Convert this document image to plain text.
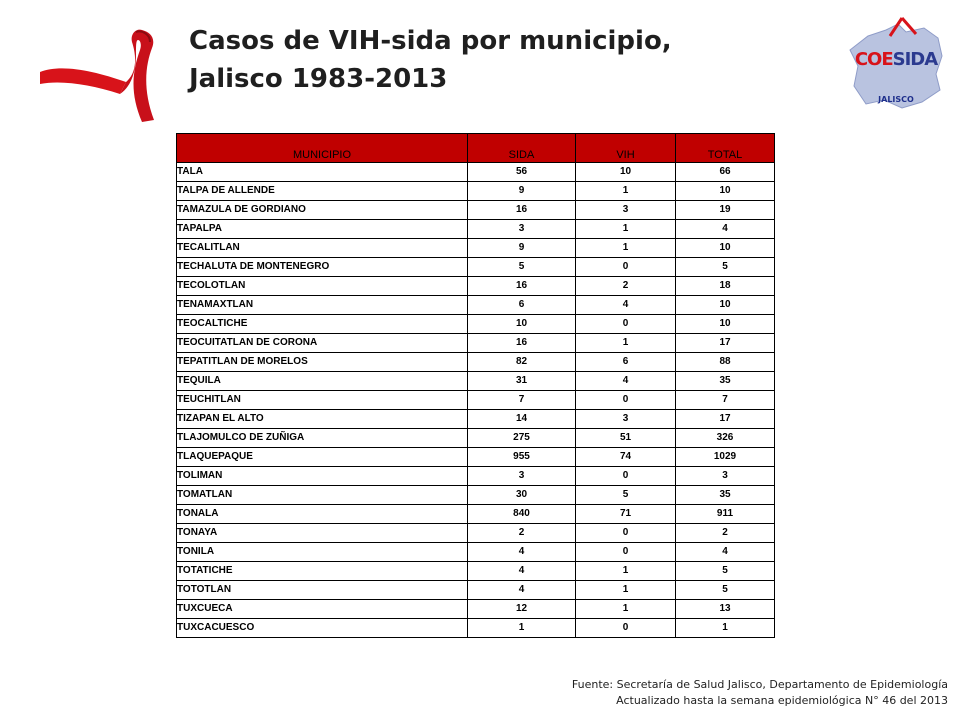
Casos de VIH-sida por municipio,
Jalisco 1983-2013
COESIDA
JALISCO
MUNICIPIO	SIDA	VIH	TOTAL
TALA	56	10	66
TALPA DE ALLENDE	9	1	10
TAMAZULA DE GORDIANO	16	3	19
TAPALPA	3	1	4
TECALITLAN	9	1	10
TECHALUTA DE MONTENEGRO	5	0	5
TECOLOTLAN	16	2	18
TENAMAXTLAN	6	4	10
TEOCALTICHE	10	0	10
TEOCUITATLAN DE CORONA	16	1	17
TEPATITLAN DE MORELOS	82	6	88
TEQUILA	31	4	35
TEUCHITLAN	7	0	7
TIZAPAN EL ALTO	14	3	17
TLAJOMULCO DE ZUÑIGA	275	51	326
TLAQUEPAQUE	955	74	1029
TOLIMAN	3	0	3
TOMATLAN	30	5	35
TONALA	840	71	911
TONAYA	2	0	2
TONILA	4	0	4
TOTATICHE	4	1	5
TOTOTLAN	4	1	5
TUXCUECA	12	1	13
TUXCACUESCO	1	0	1
Fuente: Secretaría de Salud Jalisco, Departamento de Epidemiología
Actualizado hasta la semana epidemiológica N° 46 del 2013
